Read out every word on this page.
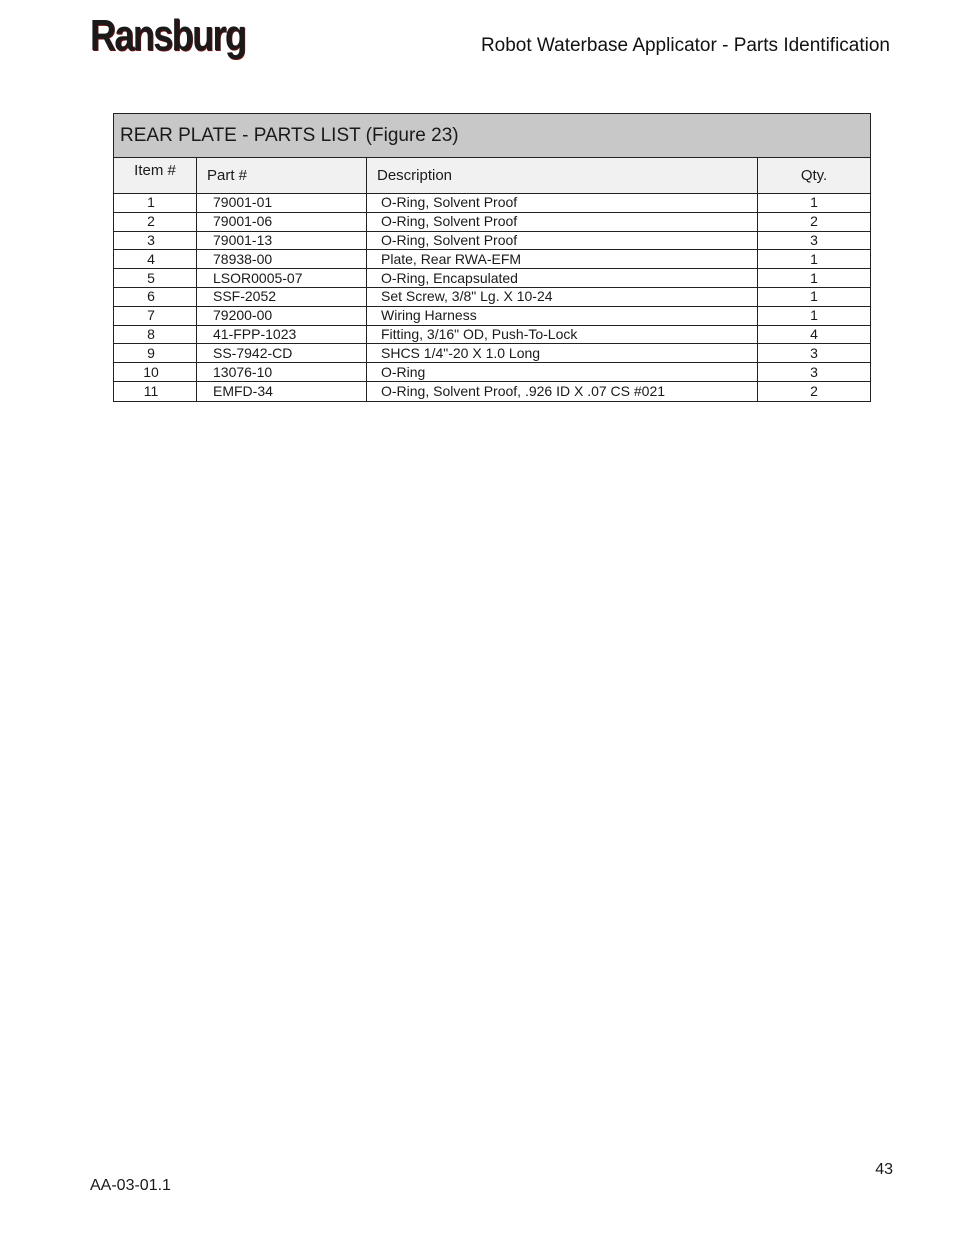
Ransburg	Robot Waterbase Applicator - Parts Identification
REAR PLATE - PARTS LIST (Figure 23)			
Item #	Part #	Description	Qty.
1	79001-01	O-Ring, Solvent Proof	1
2	79001-06	O-Ring, Solvent Proof	2
3	79001-13	O-Ring, Solvent Proof	3
4	78938-00	Plate, Rear RWA-EFM	1
5	LSOR0005-07	O-Ring, Encapsulated	1
6	SSF-2052	Set Screw, 3/8" Lg. X 10-24	1
7	79200-00	Wiring Harness	1
8	41-FPP-1023	Fitting, 3/16" OD, Push-To-Lock	4
9	SS-7942-CD	SHCS 1/4"-20 X 1.0 Long	3
10	13076-10	O-Ring	3
11	EMFD-34	O-Ring, Solvent Proof, .926 ID X .07 CS #021	2
43
AA-03-01.1
